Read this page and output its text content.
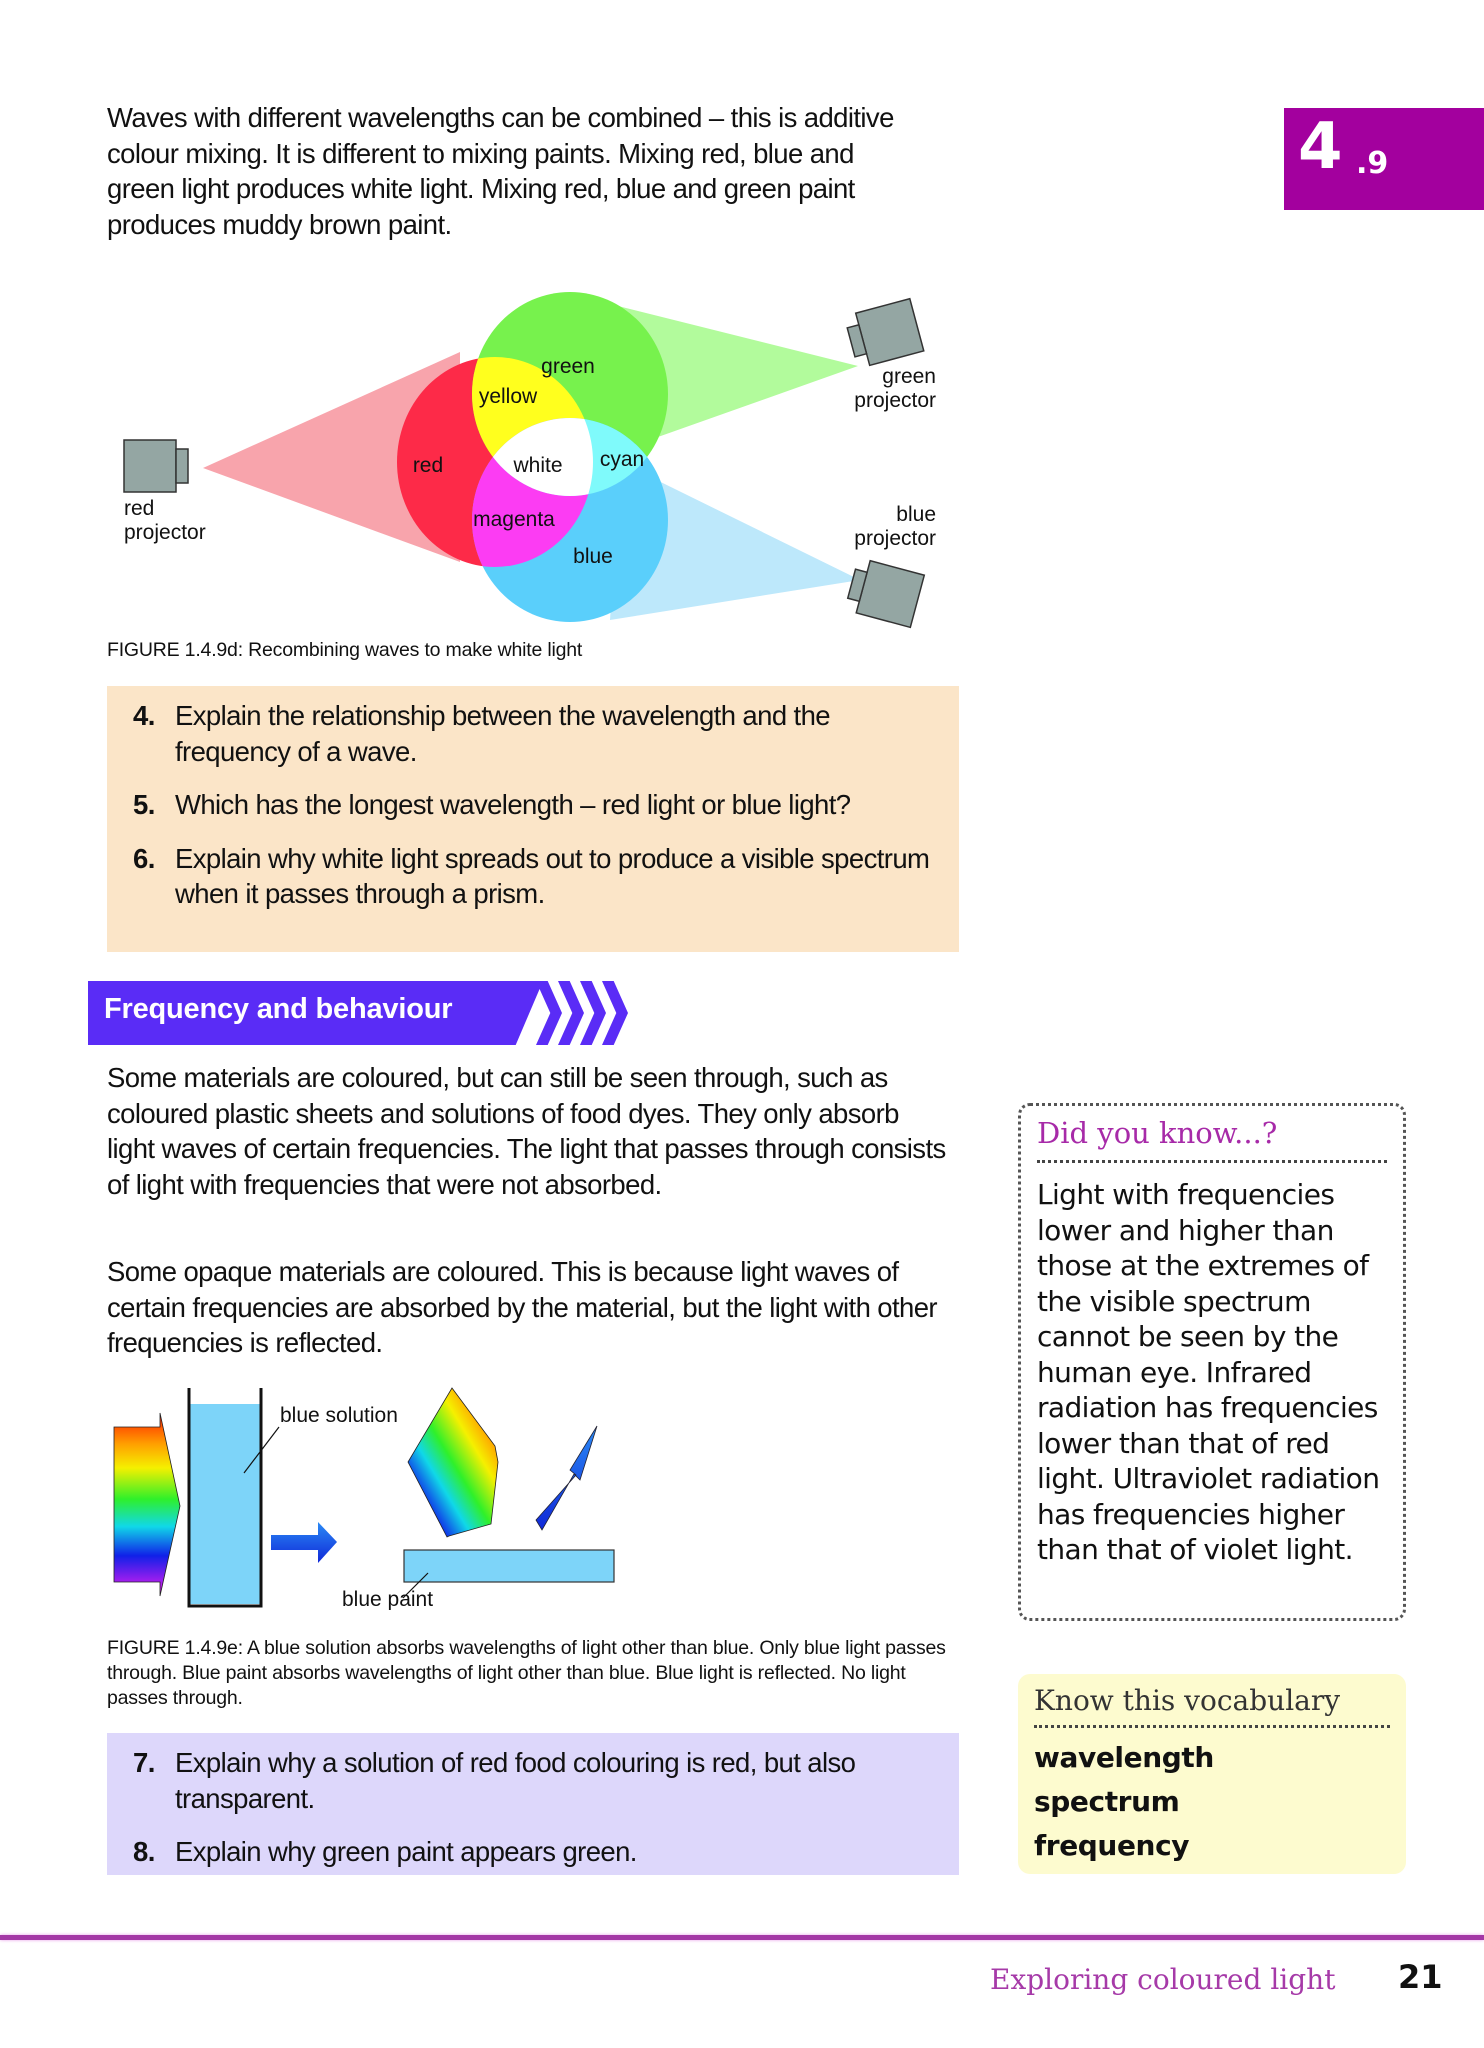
4 .9

Waves with different wavelengths can be combined – this is additive colour mixing. It is different to mixing paints. Mixing red, blue and green light produces white light. Mixing red, blue and green paint produces muddy brown paint.

green
yellow
red	white cyan
magenta
blue
red
projector
green
projector
blue
projector
FIGURE 1.4.9d: Recombining waves to make white light
4. Explain the relationship between the wavelength and the frequency of a wave.
5. Which has the longest wavelength – red light or blue light?
6. Explain why white light spreads out to produce a visible spectrum when it passes through a prism.
Frequency and behaviour

Some materials are coloured, but can still be seen through, such as coloured plastic sheets and solutions of food dyes. They only absorb light waves of certain frequencies. The light that passes through consists of light with frequencies that were not absorbed.

Some opaque materials are coloured. This is because light waves of certain frequencies are absorbed by the material, but the light with other frequencies is reflected.

blue solution
blue paint
FIGURE 1.4.9e: A blue solution absorbs wavelengths of light other than blue. Only blue light passes through. Blue paint absorbs wavelengths of light other than blue. Blue light is reflected. No light passes through.
7. Explain why a solution of red food colouring is red, but also transparent.
8. Explain why green paint appears green.
Did you know...?
Light with frequencies lower and higher than those at the extremes of the visible spectrum cannot be seen by the human eye. Infrared radiation has frequencies lower than that of red light. Ultraviolet radiation has frequencies higher than that of violet light.
Know this vocabulary
wavelength
spectrum
frequency
Exploring coloured light 21
